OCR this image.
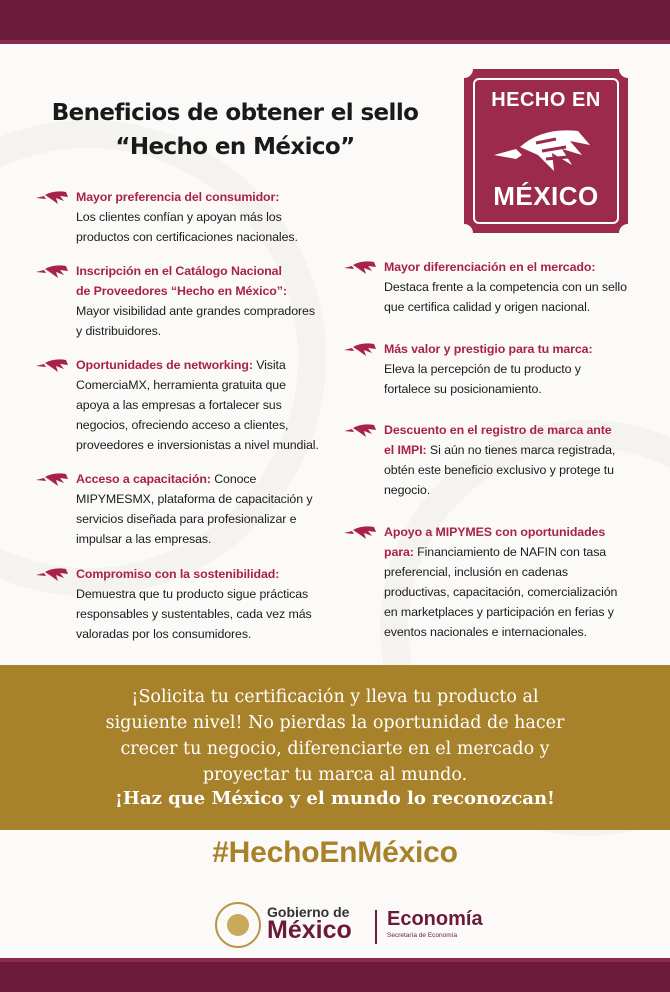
Beneficios de obtener el sello
“Hecho en México”
HECHO EN
MÉXICO
Mayor preferencia del consumidor:
Los clientes confían y apoyan más los
productos con certificaciones nacionales.
Inscripción en el Catálogo Nacional
de Proveedores “Hecho en México”:
Mayor visibilidad ante grandes compradores
y distribuidores.
Oportunidades de networking: Visita
ComerciaMX, herramienta gratuita que
apoya a las empresas a fortalecer sus
negocios, ofreciendo acceso a clientes,
proveedores e inversionistas a nivel mundial.
Acceso a capacitación: Conoce
MIPYMESMX, plataforma de capacitación y
servicios diseñada para profesionalizar e
impulsar a las empresas.
Compromiso con la sostenibilidad:
Demuestra que tu producto sigue prácticas
responsables y sustentables, cada vez más
valoradas por los consumidores.
Mayor diferenciación en el mercado:
Destaca frente a la competencia con un sello
que certifica calidad y origen nacional.
Más valor y prestigio para tu marca:
Eleva la percepción de tu producto y
fortalece su posicionamiento.
Descuento en el registro de marca ante
el IMPI: Si aún no tienes marca registrada,
obtén este beneficio exclusivo y protege tu
negocio.
Apoyo a MIPYMES con oportunidades
para: Financiamiento de NAFIN con tasa
preferencial, inclusión en cadenas
productivas, capacitación, comercialización
en marketplaces y participación en ferias y
eventos nacionales e internacionales.
¡Solicita tu certificación y lleva tu producto al
siguiente nivel! No pierdas la oportunidad de hacer
crecer tu negocio, diferenciarte en el mercado y
proyectar tu marca al mundo.
¡Haz que México y el mundo lo reconozcan!
#HechoEnMéxico
Gobierno de
México Economía
Secretaría de Economía
